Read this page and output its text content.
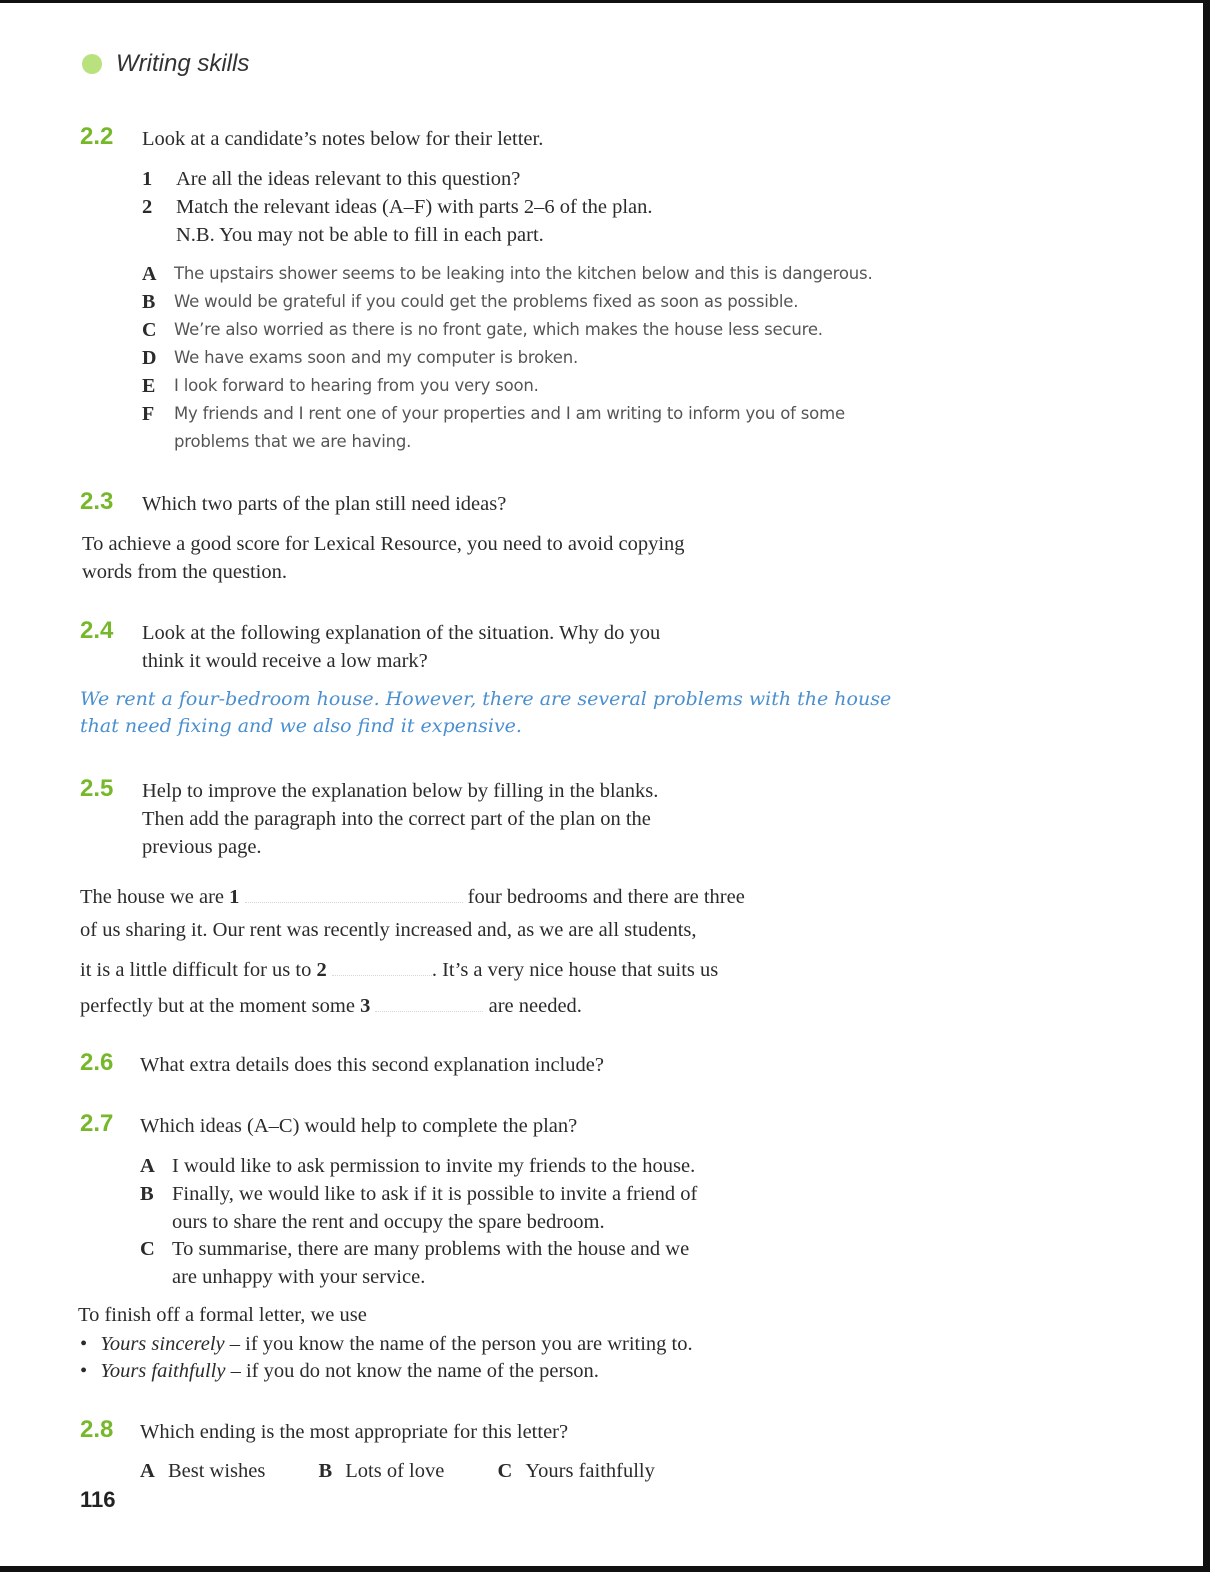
Writing skills
2.2 Look at a candidate’s notes below for their letter.
1 Are all the ideas relevant to this question?
2 Match the relevant ideas (A–F) with parts 2–6 of the plan.
N.B. You may not be able to fill in each part.
A The upstairs shower seems to be leaking into the kitchen below and this is dangerous.
B We would be grateful if you could get the problems fixed as soon as possible.
C We’re also worried as there is no front gate, which makes the house less secure.
D We have exams soon and my computer is broken.
E I look forward to hearing from you very soon.
F My friends and I rent one of your properties and I am writing to inform you of some
problems that we are having.
2.3 Which two parts of the plan still need ideas?
To achieve a good score for Lexical Resource, you need to avoid copying
words from the question.
2.4 Look at the following explanation of the situation. Why do you
think it would receive a low mark?
We rent a four-bedroom house. However, there are several problems with the house
that need fixing and we also find it expensive.
2.5 Help to improve the explanation below by filling in the blanks.
Then add the paragraph into the correct part of the plan on the
previous page.
The house we are 1	four bedrooms and there are three
of us sharing it. Our rent was recently increased and, as we are all students,
it is a little difficult for us to 2	. It’s a very nice house that suits us
perfectly but at the moment some 3	are needed.
2.6 What extra details does this second explanation include?
2.7 Which ideas (A–C) would help to complete the plan?
A I would like to ask permission to invite my friends to the house.
B Finally, we would like to ask if it is possible to invite a friend of
ours to share the rent and occupy the spare bedroom.
C To summarise, there are many problems with the house and we
are unhappy with your service.
To finish off a formal letter, we use
• Yours sincerely – if you know the name of the person you are writing to.
• Yours faithfully – if you do not know the name of the person.
2.8 Which ending is the most appropriate for this letter?
A Best wishes	B Lots of love	C Yours faithfully
116
